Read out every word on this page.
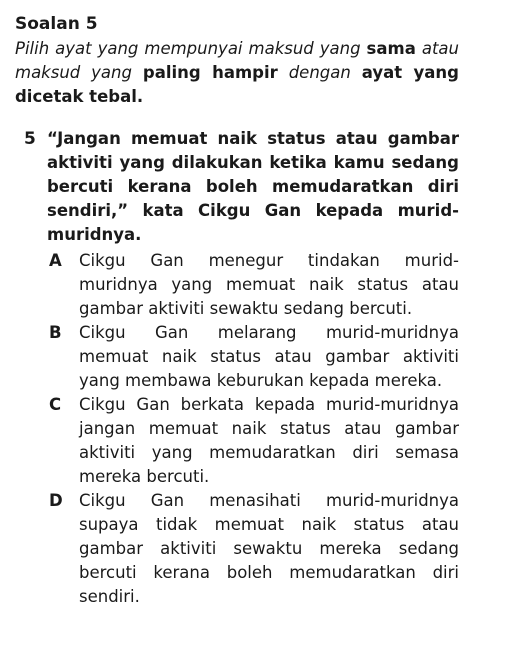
Soalan 5
Pilih ayat yang mempunyai maksud yang sama atau maksud yang paling hampir dengan ayat yang dicetak tebal.
5 “Jangan memuat naik status atau gambar aktiviti yang dilakukan ketika kamu sedang bercuti kerana boleh memudaratkan diri sendiri,” kata Cikgu Gan kepada murid-muridnya.
A Cikgu Gan menegur tindakan murid-muridnya yang memuat naik status atau gambar aktiviti sewaktu sedang bercuti.
B Cikgu Gan melarang murid-muridnya memuat naik status atau gambar aktiviti yang membawa keburukan kepada mereka.
C Cikgu Gan berkata kepada murid-muridnya jangan memuat naik status atau gambar aktiviti yang memudaratkan diri semasa mereka bercuti.
D Cikgu Gan menasihati murid-muridnya supaya tidak memuat naik status atau gambar aktiviti sewaktu mereka sedang bercuti kerana boleh memudaratkan diri sendiri.
